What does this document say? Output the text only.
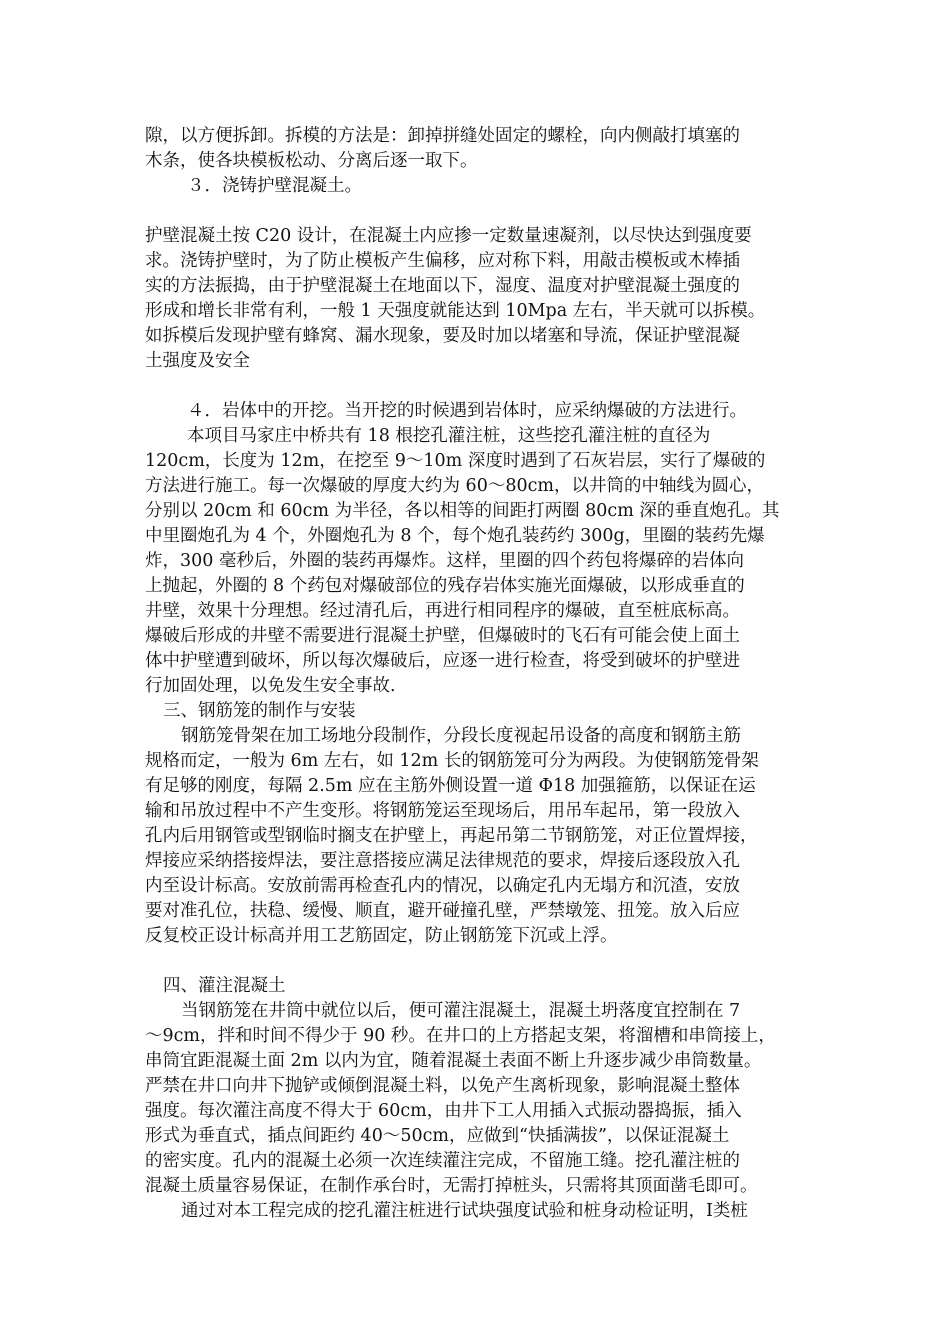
隙，以方便拆卸。拆模的方法是：卸掉拼缝处固定的螺栓，向内侧敲打填塞的
木条，使各块模板松动、分离后逐一取下。
３．浇铸护壁混凝土。
护壁混凝土按 C20 设计，在混凝土内应掺一定数量速凝剂，以尽快达到强度要
求。浇铸护壁时，为了防止模板产生偏移，应对称下料，用敲击模板或木棒插
实的方法振捣，由于护壁混凝土在地面以下，湿度、温度对护壁混凝土强度的
形成和增长非常有利，一般 1 天强度就能达到 10Mpa 左右，半天就可以拆模。
如拆模后发现护壁有蜂窝、漏水现象，要及时加以堵塞和导流，保证护壁混凝
土强度及安全
４．岩体中的开挖。当开挖的时候遇到岩体时，应采纳爆破的方法进行。
本项目马家庄中桥共有 18 根挖孔灌注桩，这些挖孔灌注桩的直径为
120cm，长度为 12m，在挖至 9～10m 深度时遇到了石灰岩层，实行了爆破的
方法进行施工。每一次爆破的厚度大约为 60～80cm，以井筒的中轴线为圆心，
分别以 20cm 和 60cm 为半径，各以相等的间距打两圈 80cm 深的垂直炮孔。其
中里圈炮孔为 4 个，外圈炮孔为 8 个，每个炮孔装药约 300g，里圈的装药先爆
炸，300 毫秒后，外圈的装药再爆炸。这样，里圈的四个药包将爆碎的岩体向
上抛起，外圈的 8 个药包对爆破部位的残存岩体实施光面爆破，以形成垂直的
井壁，效果十分理想。经过清孔后，再进行相同程序的爆破，直至桩底标高。
爆破后形成的井壁不需要进行混凝土护壁，但爆破时的飞石有可能会使上面土
体中护壁遭到破坏，所以每次爆破后，应逐一进行检查，将受到破坏的护壁进
行加固处理，以免发生安全事故.
三、钢筋笼的制作与安装
钢筋笼骨架在加工场地分段制作，分段长度视起吊设备的高度和钢筋主筋
规格而定，一般为 6m 左右，如 12m 长的钢筋笼可分为两段。为使钢筋笼骨架
有足够的刚度，每隔 2.5m 应在主筋外侧设置一道 Φ18 加强箍筋，以保证在运
输和吊放过程中不产生变形。将钢筋笼运至现场后，用吊车起吊，第一段放入
孔内后用钢管或型钢临时搁支在护壁上，再起吊第二节钢筋笼，对正位置焊接，
焊接应采纳搭接焊法，要注意搭接应满足法律规范的要求，焊接后逐段放入孔
内至设计标高。安放前需再检查孔内的情况，以确定孔内无塌方和沉渣，安放
要对准孔位，扶稳、缓慢、顺直，避开碰撞孔壁，严禁墩笼、扭笼。放入后应
反复校正设计标高并用工艺筋固定，防止钢筋笼下沉或上浮。
四、灌注混凝土
当钢筋笼在井筒中就位以后，便可灌注混凝土，混凝土坍落度宜控制在 7
～9cm，拌和时间不得少于 90 秒。在井口的上方搭起支架，将溜槽和串筒接上，
串筒宜距混凝土面 2m 以内为宜，随着混凝土表面不断上升逐步减少串筒数量。
严禁在井口向井下抛铲或倾倒混凝土料，以免产生离析现象，影响混凝土整体
强度。每次灌注高度不得大于 60cm，由井下工人用插入式振动器捣振，插入
形式为垂直式，插点间距约 40～50cm，应做到“快插满拔”，以保证混凝土
的密实度。孔内的混凝土必须一次连续灌注完成，不留施工缝。挖孔灌注桩的
混凝土质量容易保证，在制作承台时，无需打掉桩头，只需将其顶面凿毛即可。
通过对本工程完成的挖孔灌注桩进行试块强度试验和桩身动检证明，Ⅰ类桩
